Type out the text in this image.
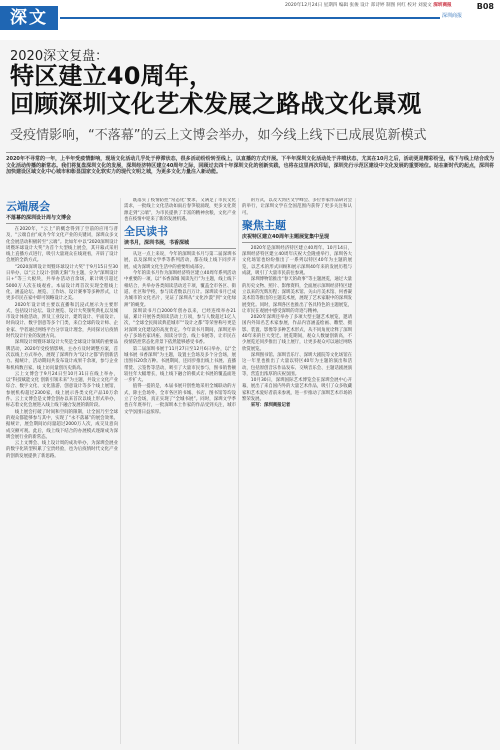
深文
2020年12月24日 星期四 编辑 张俊 设计 郑诗婷 制图 何红 校对 刘爱文 深圳商报	B08
深圳商报
2020深文复盘：
特区建立40周年，
回顾深圳文化艺术发展之路战文化景观
受疫情影响，“不落幕”的云上文博会举办，如今线上线下已成展览新模式

2020年不寻常的一年，上半年受疫情影响，现场文化活动几乎处于停滞状态，很多活动纷纷转至线上，以直播的方式开展。下半年深圳文化活动处于井喷状态，尤其在10月之后，活动更是精彩纷呈，线下与线上结合成为文化活动传播的新常态。我们将复盘深圳文化的发展，深圳经济特区建立40周年之际，回顾过去四十年深圳文化的创新实践，也将在这里再次印证，深圳先行示范区建设中文化发展的重要地位。站在新时代的起点，深圳将加快建设区域文化中心城市和彰显国家文化软实力的现代文明之城，为更多文化力量注入新动能。

云端展会
不落幕的深圳设计周与文博会

在2020年，“云上”的概念得到了空前的应用与普及，“云端自由”成为今年文化产业的关键词，深圳众多文化会展活动积极转至“云端”。比如年中以“2020深圳设计周暨环球设计大奖”为首个大型线上展会，其开幕式采用线上直播方式进行，吸引大量观众在线观看，开辟了设计会展的全新方式。

“2020深圳设计周暨环球设计大奖”于9月15日至30日举办，以“云上设计·创新无限”为主题，分为“深圳设计日+”等三大板块，共举办活动百余场，累计吸引超过5000万人次在线观看。本届设计周首次实现全程线上化，涵盖论坛、展览、工作坊、设计赛事等多种形式，让更多市民在家中即可领略设计之美。

2020年设计周主要以直播和沉浸式展示为主要形式，包括设计论坛、设计展览、设计大奖颁奖典礼以及城市设计体验活动，涉及工业设计、建筑设计、平面设计、时尚设计、数字创意等多个门类，来自全球的设计师、企业家、学者通过网络平台分享设计理念，共同探讨后疫情时代设计行业的发展方向。

深圳设计周暨环球设计大奖是全球设计领域的重要品牌活动，2020年受疫情影响，主办方及时调整方案，首次以线上方式举办，展现了深圳作为“设计之都”的创新活力。据统计，活动期间共发布设计成果千余项，参与企业和机构数百家，线上访问量创历史新高。

云上文博会于9月24日至10月31日在线上举办，以“科技赋能文化 创新引领未来”为主题，共设立文化产业综合、数字文化、文化旅游、创意设计等多个线上展馆，参展机构超过2300家，线上展示各类文化产品10万余件。云上文博会是文博会创办以来首次以线上形式举办，标志着文化会展进入线上线下融合发展的新阶段。

线上展会打破了时间和空间的限制，让全国乃至全球的观众都能够参与其中，实现了“永不落幕”的展会效果。据统计，展会期间访问量超过2000万人次，成交及意向成交额可观。此后，线上线下结合的办展模式逐渐成为深圳会展行业的新常态。

云上文博会、线上设计周的成功举办，为深圳会展业的数字化转型积累了宝贵经验，也为后疫情时代文化产业的创新发展提供了新思路。

既落实了疫情防控“常态化”要求，又满足了市民文化需求，一批线上文化活动如雨后春笋般涌现，更多文化资源走到“云端”，为市民提供了丰富的精神食粮，文化产业也在疫情中迎来了新的发展机遇。

全民读书
读书月，深圳书展，书香深城

从这一点上来说，今年的深圳读书月与第二届深圳书展，以及深圳文学季等系列活动，都在线上线下同步开展，成为深圳文化生活中的重要组成部分。

今年的读书月作为深圳经济特区建立40周年系列活动中重要的一项，以“书香深城 阅读先行”为主题，线上线下相结合，共举办各类阅读活动近千项，覆盖全市各区、街道、社区和学校，参与读者数以百万计。深圳读书月已成为城市的文化名片，见证了深圳从“文化沙漠”到“文化绿洲”的蜕变。

深圳读书月自2000年创办以来，已经连续举办21届，累计开展各类阅读活动上万项，参与人数超过1亿人次，“全球全民阅读典范城市”“设计之都”等荣誉称号更是对深圳文化建设的高度肯定。今年读书月期间，深圳还举办了多场名家讲座、阅读分享会、线上书展等，让市民在疫情防控常态化背景下依然能够感受书香。

第二届深圳书展于11月27日至12月6日举办，以“全城书展 书香深圳”为主题，设置主会场及多个分会场，展出图书20余万种。书展期间，还同步推出线上书展、直播带货、云签售等活动，吸引了大量市民参与，图书销售额较往年大幅增长，线上线下融合的模式让书展的覆盖面进一步扩大。

值得一提的是，本届书展开创性地采用全城联动的方式，除主会场外，全市各区的书城、书店、图书馆等均设立了分会场，真正实现了“全城书展”。同时，深圳文学季也在年底举行，一批深圳本土作家的作品受到关注，城市文学氛围日益浓厚。

的方式，以及大湾区文学峰会、多位作家作品研讨会的举行，让深圳文学在全国范围内获得了更多关注和认可。

聚焦主题
庆祝特区建立40周年主题展览集中呈现

2020年是深圳经济特区建立40周年。10月14日，深圳经济特区建立40周年庆祝大会隆重举行，深圳各大文化场馆也纷纷推出了一系列以特区40年为主题的展览，以艺术的形式回顾和展示深圳40年来的发展历程与成就，吸引了大量市民前往参观。

深圳博物馆推出“春天的故事”等主题展览，通过大量的历史文物、照片、影像资料，全面展示深圳经济特区建立以来的光辉历程；深圳美术馆、关山月美术馆、何香凝美术馆等推出的主题美术展，展现了艺术家眼中的深圳发展变化。同时，深圳各区也推出了各具特色的主题展览，让市民在观展中感受深圳的奇迹与精神。

2020年深圳还举办了多项大型主题艺术展览，邀请国内外知名艺术家参展，作品内容涵盖绘画、雕塑、摄影、装置、影像等多种艺术形式，从不同角度诠释了深圳40年来的巨大变迁。展览期间，观众人数屡创新高，不少展览还同步推出了线上展厅，让更多观众可以通过网络欣赏展览。

深圳图书馆、深圳音乐厅、深圳大剧院等文化场馆在这一年里也推出了大量以特区40年为主题的演出和活动，包括原创音乐作品发布、交响音乐会、主题话剧展演等，营造出浓厚的庆祝氛围。

10月30日，深圳国际艺术博览会在深圳会展中心开幕，展出了来自国内外的大量艺术作品，吸引了众多收藏家和艺术爱好者前来参观，进一步推动了深圳艺术市场的繁荣发展。

采写：深圳商报记者
